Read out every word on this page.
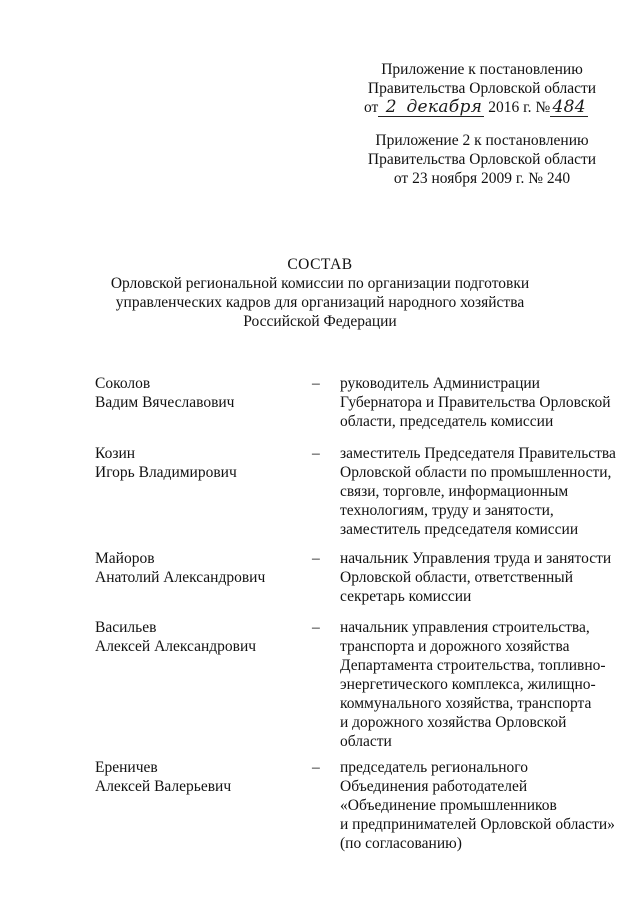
Приложение к постановлению
Правительства Орловской области
от 2 декабря 2016 г. № 484
Приложение 2 к постановлению
Правительства Орловской области
от 23 ноября 2009 г. № 240
СОСТАВ
Орловской региональной комиссии по организации подготовки
управленческих кадров для организаций народного хозяйства
Российской Федерации
Соколов
Вадим Вячеславович
–	руководитель Администрации
Губернатора и Правительства Орловской
области, председатель комиссии
Козин
Игорь Владимирович
–	заместитель Председателя Правительства
Орловской области по промышленности,
связи, торговле, информационным
технологиям, труду и занятости,
заместитель председателя комиссии
Майоров
Анатолий Александрович
–	начальник Управления труда и занятости
Орловской области, ответственный
секретарь комиссии
Васильев
Алексей Александрович
–	начальник управления строительства,
транспорта и дорожного хозяйства
Департамента строительства, топливно-
энергетического комплекса, жилищно-
коммунального хозяйства, транспорта
и дорожного хозяйства Орловской
области
Ереничев
Алексей Валерьевич
–	председатель регионального
Объединения работодателей
«Объединение промышленников
и предпринимателей Орловской области»
(по согласованию)
